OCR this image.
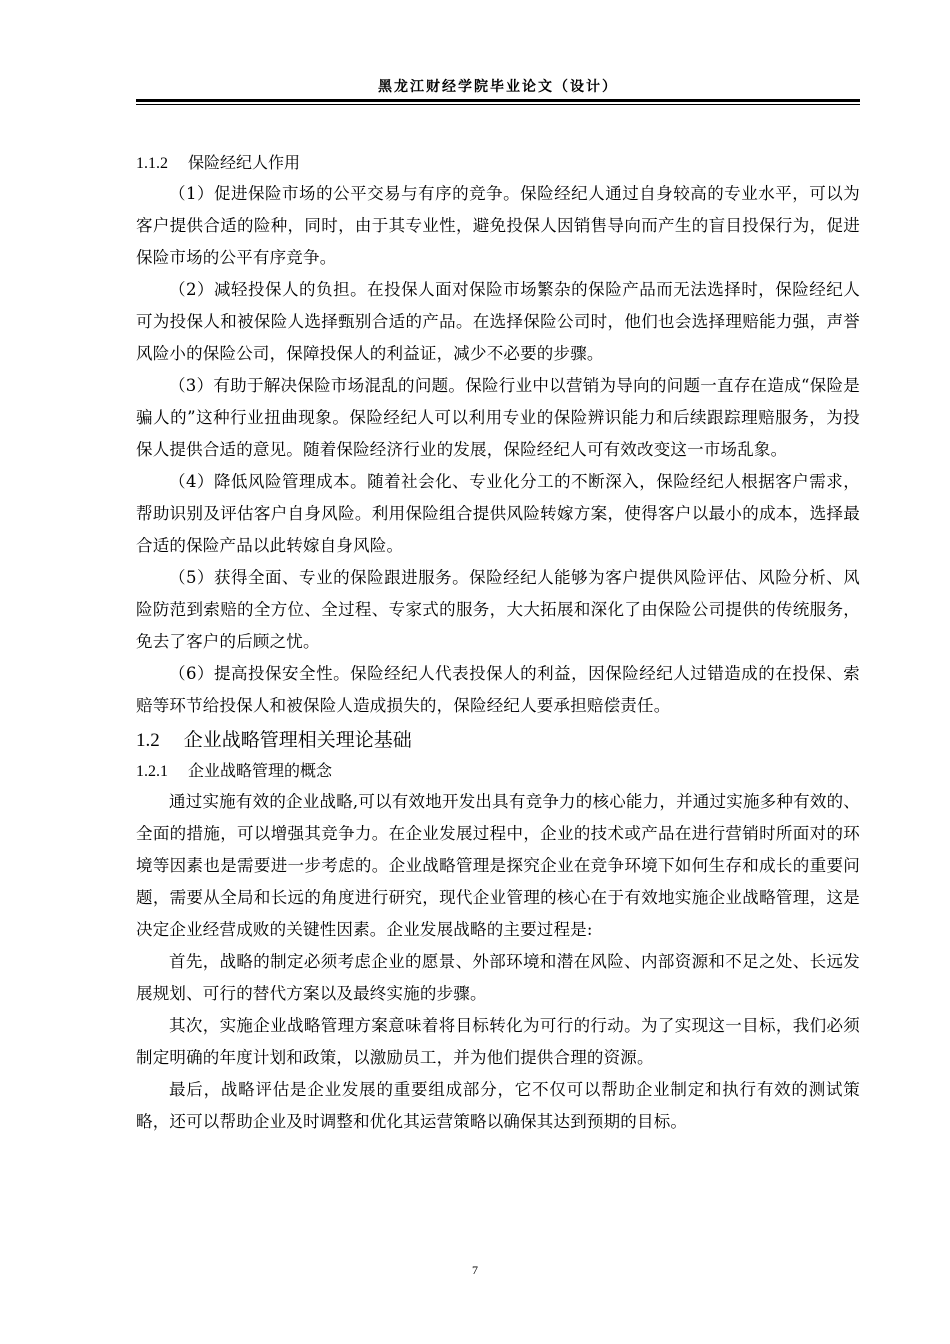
黑龙江财经学院毕业论文（设计）
1.1.2 保险经纪人作用

（1）促进保险市场的公平交易与有序的竞争。保险经纪人通过自身较高的专业水平，可以为客户提供合适的险种，同时，由于其专业性，避免投保人因销售导向而产生的盲目投保行为，促进保险市场的公平有序竞争。

（2）减轻投保人的负担。在投保人面对保险市场繁杂的保险产品而无法选择时，保险经纪人可为投保人和被保险人选择甄别合适的产品。在选择保险公司时，他们也会选择理赔能力强，声誉风险小的保险公司，保障投保人的利益证，减少不必要的步骤。

（3）有助于解决保险市场混乱的问题。保险行业中以营销为导向的问题一直存在造成“保险是骗人的”这种行业扭曲现象。保险经纪人可以利用专业的保险辨识能力和后续跟踪理赔服务，为投保人提供合适的意见。随着保险经济行业的发展，保险经纪人可有效改变这一市场乱象。

（4）降低风险管理成本。随着社会化、专业化分工的不断深入，保险经纪人根据客户需求，帮助识别及评估客户自身风险。利用保险组合提供风险转嫁方案，使得客户以最小的成本，选择最合适的保险产品以此转嫁自身风险。

（5）获得全面、专业的保险跟进服务。保险经纪人能够为客户提供风险评估、风险分析、风险防范到索赔的全方位、全过程、专家式的服务，大大拓展和深化了由保险公司提供的传统服务，免去了客户的后顾之忧。

（6）提高投保安全性。保险经纪人代表投保人的利益，因保险经纪人过错造成的在投保、索赔等环节给投保人和被保险人造成损失的，保险经纪人要承担赔偿责任。

1.2 企业战略管理相关理论基础
1.2.1 企业战略管理的概念

通过实施有效的企业战略,可以有效地开发出具有竞争力的核心能力，并通过实施多种有效的、全面的措施，可以增强其竞争力。在企业发展过程中，企业的技术或产品在进行营销时所面对的环境等因素也是需要进一步考虑的。企业战略管理是探究企业在竞争环境下如何生存和成长的重要问题，需要从全局和长远的角度进行研究，现代企业管理的核心在于有效地实施企业战略管理，这是决定企业经营成败的关键性因素。企业发展战略的主要过程是:

首先，战略的制定必须考虑企业的愿景、外部环境和潜在风险、内部资源和不足之处、长远发展规划、可行的替代方案以及最终实施的步骤。

其次，实施企业战略管理方案意味着将目标转化为可行的行动。为了实现这一目标，我们必须制定明确的年度计划和政策，以激励员工，并为他们提供合理的资源。

最后，战略评估是企业发展的重要组成部分，它不仅可以帮助企业制定和执行有效的测试策略，还可以帮助企业及时调整和优化其运营策略以确保其达到预期的目标。

7
